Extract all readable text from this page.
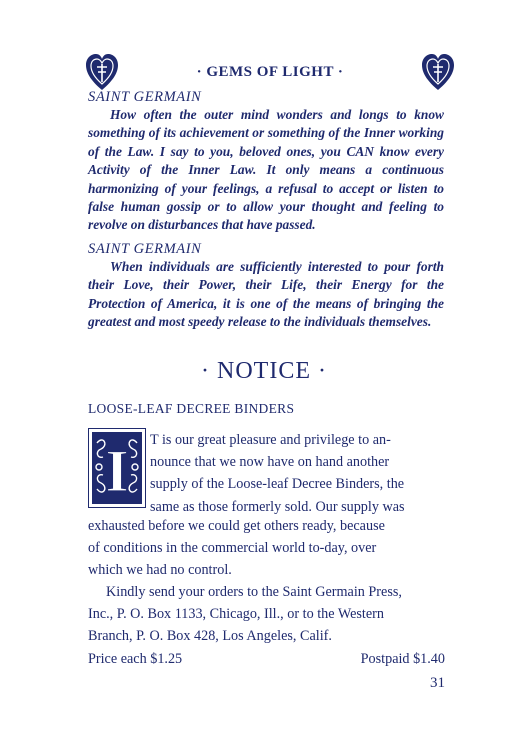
· GEMS OF LIGHT ·
SAINT GERMAIN

How often the outer mind wonders and longs to know something of its achievement or something of the Inner working of the Law. I say to you, beloved ones, you CAN know every Activity of the Inner Law. It only means a continuous harmonizing of your feelings, a refusal to accept or listen to false human gossip or to allow your thought and feeling to revolve on disturbances that have passed.

SAINT GERMAIN

When individuals are sufficiently interested to pour forth their Love, their Power, their Life, their Energy for the Protection of America, it is one of the means of bringing the greatest and most speedy release to the individuals themselves.

· NOTICE ·
LOOSE-LEAF DECREE BINDERS
I T is our great pleasure and privilege to an-
nounce that we now have on hand another
supply of the Loose-leaf Decree Binders, the
same as those formerly sold. Our supply was
exhausted before we could get others ready, because
of conditions in the commercial world to-day, over
which we had no control.
Kindly send your orders to the Saint Germain Press,
Inc., P. O. Box 1133, Chicago, Ill., or to the Western
Branch, P. O. Box 428, Los Angeles, Calif.
Price each $1.25	Postpaid $1.40
31
